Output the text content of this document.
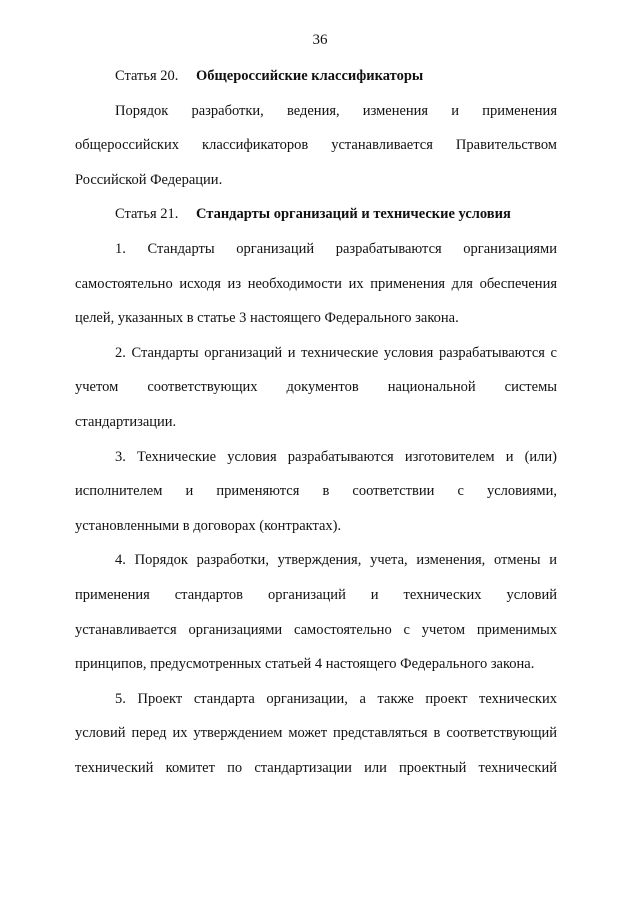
36
Статья 20. Общероссийские классификаторы
Порядок разработки, ведения, изменения и применения
общероссийских классификаторов устанавливается Правительством
Российской Федерации.
Статья 21. Стандарты организаций и технические условия
1. Стандарты организаций разрабатываются организациями
самостоятельно исходя из необходимости их применения для обеспечения
целей, указанных в статье 3 настоящего Федерального закона.
2. Стандарты организаций и технические условия разрабатываются с
учетом соответствующих документов национальной системы
стандартизации.
3. Технические условия разрабатываются изготовителем и (или)
исполнителем и применяются в соответствии с условиями,
установленными в договорах (контрактах).
4. Порядок разработки, утверждения, учета, изменения, отмены и
применения стандартов организаций и технических условий
устанавливается организациями самостоятельно с учетом применимых
принципов, предусмотренных статьей 4 настоящего Федерального закона.
5. Проект стандарта организации, а также проект технических
условий перед их утверждением может представляться в соответствующий
технический комитет по стандартизации или проектный технический
